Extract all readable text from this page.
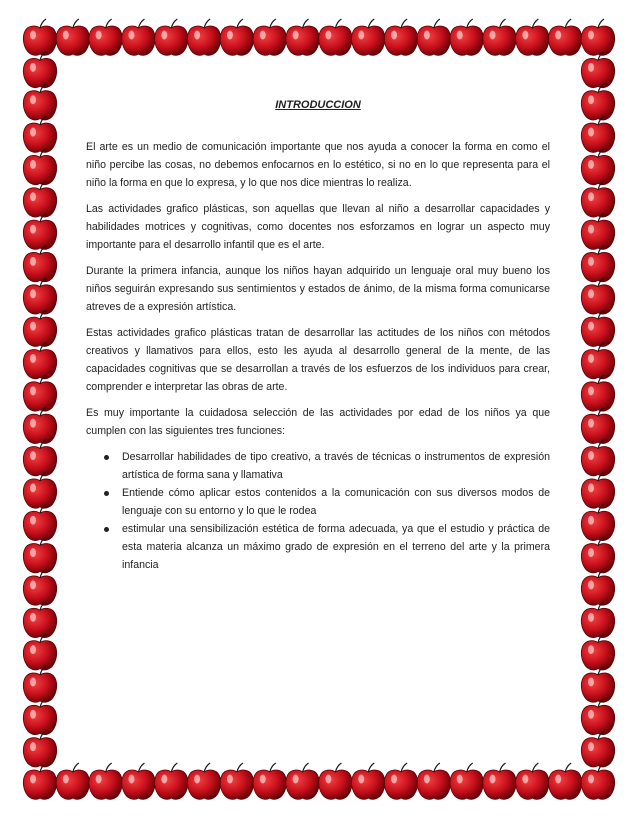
INTRODUCCION

El arte es un medio de comunicación importante que nos ayuda a conocer la forma en como el niño percibe las cosas, no debemos enfocarnos en lo estético, si no en lo que representa para el niño la forma en que lo expresa, y lo que nos dice mientras lo realiza.

Las actividades grafico plásticas, son aquellas que llevan al niño a desarrollar capacidades y habilidades motrices y cognitivas, como docentes nos esforzamos en lograr un aspecto muy importante para el desarrollo infantil que es el arte.

Durante la primera infancia, aunque los niños hayan adquirido un lenguaje oral muy bueno los niños seguirán expresando sus sentimientos y estados de ánimo, de la misma forma comunicarse atreves de a expresión artística.

Estas actividades grafico plásticas tratan de desarrollar las actitudes de los niños con métodos creativos y llamativos para ellos, esto les ayuda al desarrollo general de la mente, de las capacidades cognitivas que se desarrollan a través de los esfuerzos de los individuos para crear, comprender e interpretar las obras de arte.

Es muy importante la cuidadosa selección de las actividades por edad de los niños ya que cumplen con las siguientes tres funciones:

Desarrollar habilidades de tipo creativo, a través de técnicas o instrumentos de expresión artística de forma sana y llamativa
Entiende cómo aplicar estos contenidos a la comunicación con sus diversos modos de lenguaje con su entorno y lo que le rodea
estimular una sensibilización estética de forma adecuada, ya que el estudio y práctica de esta materia alcanza un máximo grado de expresión en el terreno del arte y la primera infancia
